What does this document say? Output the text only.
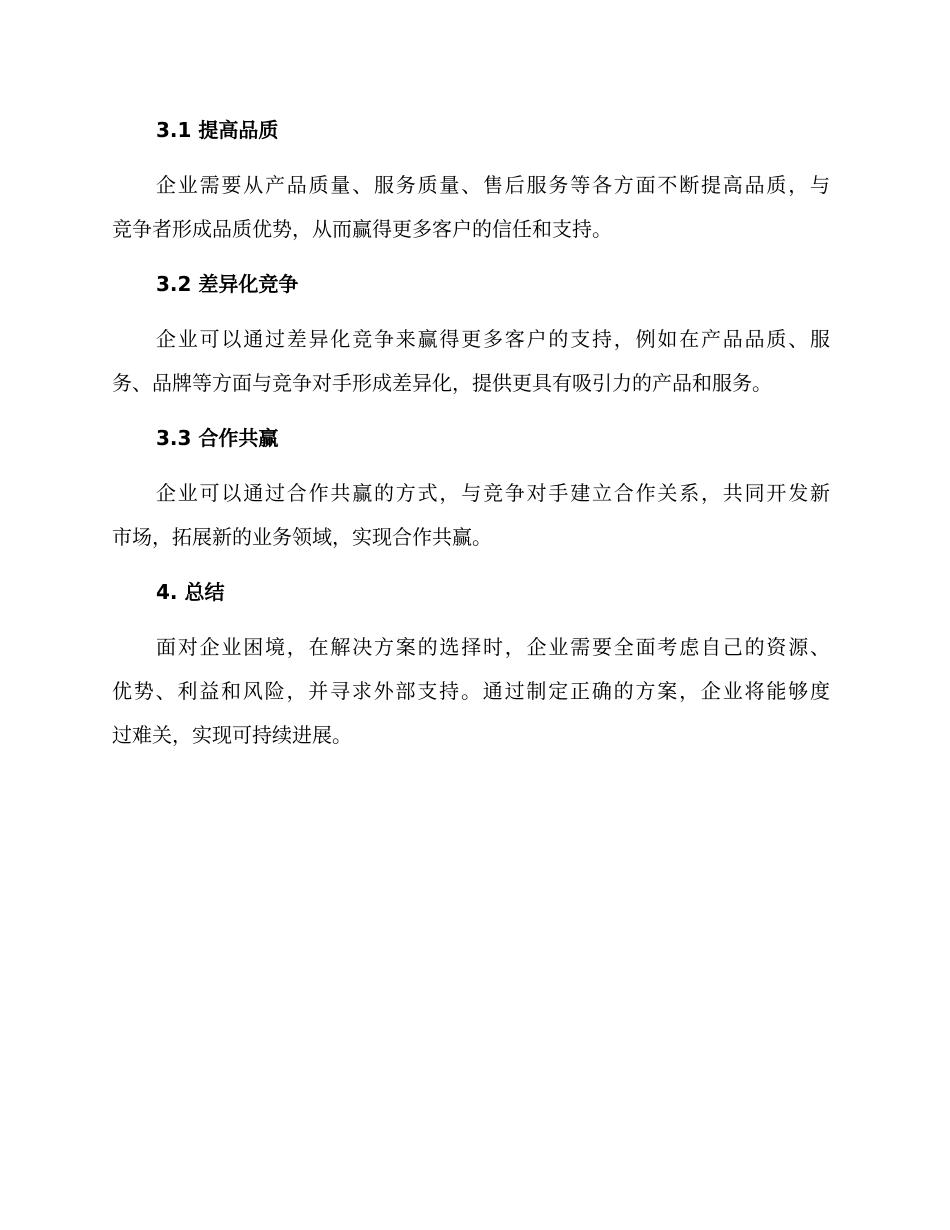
3.1 提高品质

企业需要从产品质量、服务质量、售后服务等各方面不断提高品质，与
竞争者形成品质优势，从而赢得更多客户的信任和支持。

3.2 差异化竞争

企业可以通过差异化竞争来赢得更多客户的支持，例如在产品品质、服
务、品牌等方面与竞争对手形成差异化，提供更具有吸引力的产品和服务。

3.3 合作共赢

企业可以通过合作共赢的方式，与竞争对手建立合作关系，共同开发新
市场，拓展新的业务领域，实现合作共赢。

4. 总结

面对企业困境，在解决方案的选择时，企业需要全面考虑自己的资源、
优势、利益和风险，并寻求外部支持。通过制定正确的方案，企业将能够度
过难关，实现可持续进展。
